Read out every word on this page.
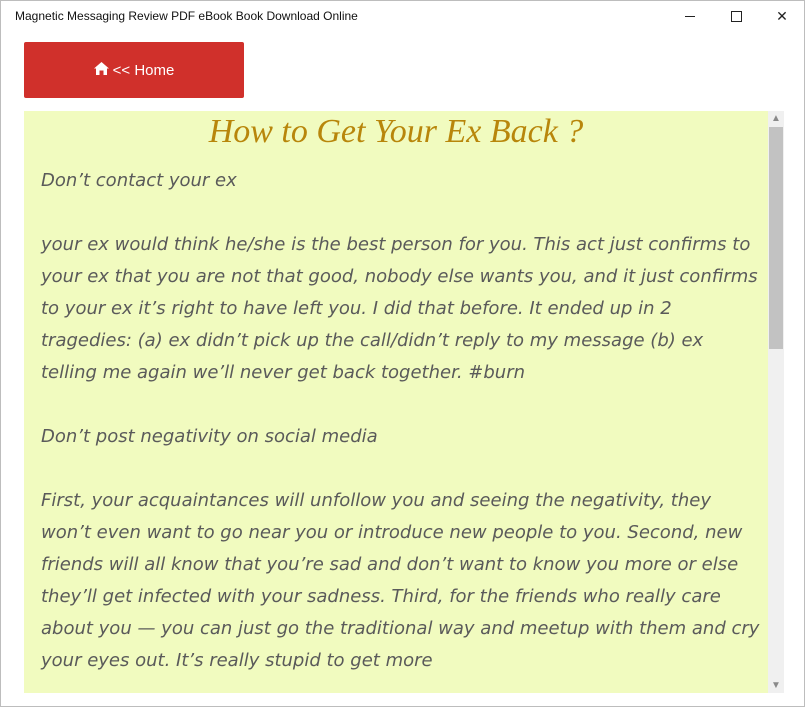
Magnetic Messaging Review PDF eBook Book Download Online	✕
<< Home
How to Get Your Ex Back ?

Don’t contact your ex

your ex would think he/she is the best person for you. This act just confirms to your ex that you are not that good, nobody else wants you, and it just confirms to your ex it’s right to have left you. I did that before. It ended up in 2 tragedies: (a) ex didn’t pick up the call/didn’t reply to my message (b) ex telling me again we’ll never get back together. #burn

Don’t post negativity on social media

First, your acquaintances will unfollow you and seeing the negativity, they won’t even want to go near you or introduce new people to you. Second, new friends will all know that you’re sad and don’t want to know you more or else they’ll get infected with your sadness. Third, for the friends who really care about you — you can just go the traditional way and meetup with them and cry your eyes out. It’s really stupid to get more

▲
▼
